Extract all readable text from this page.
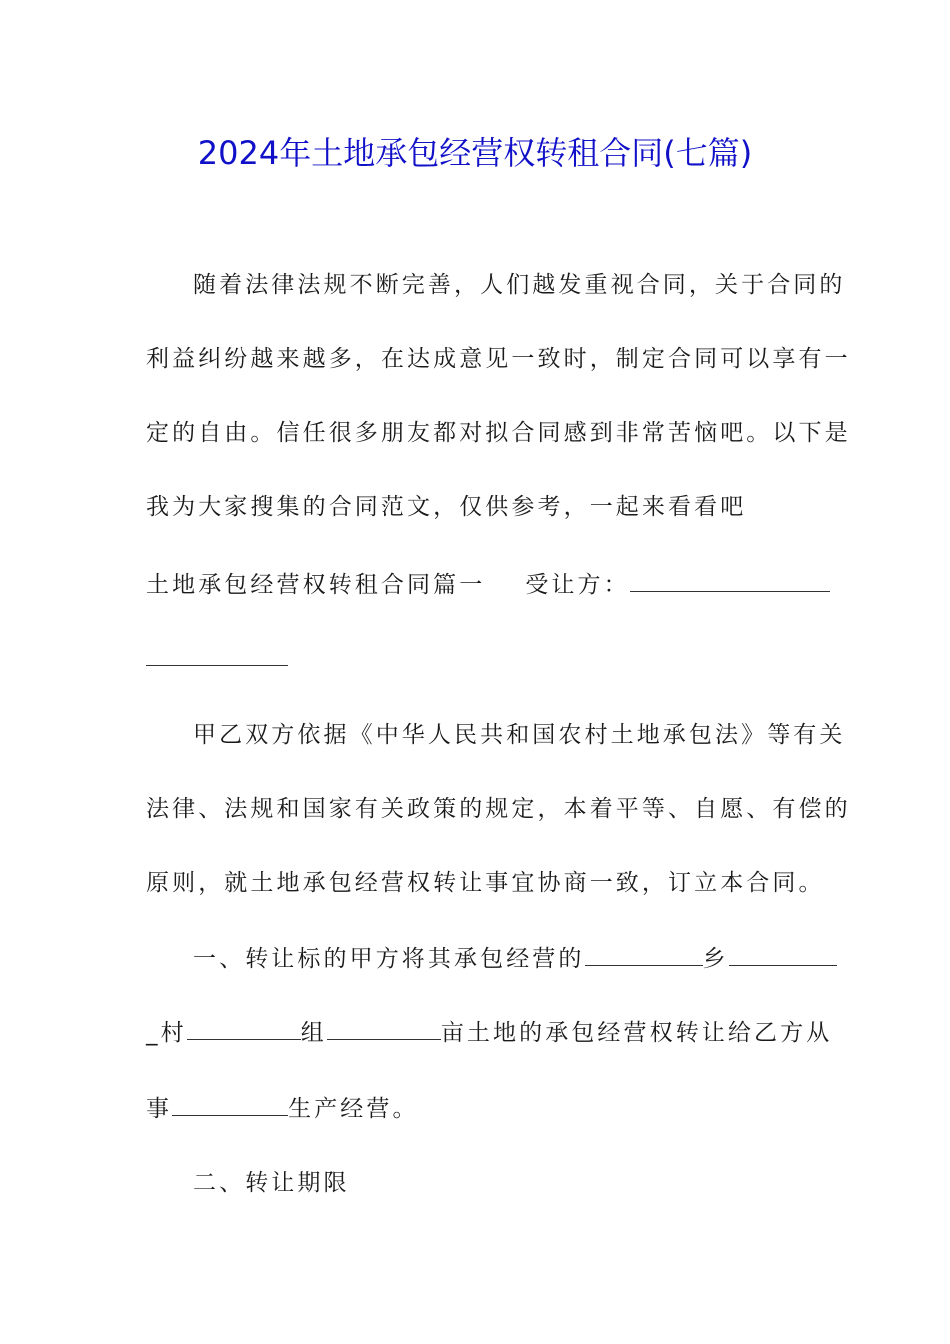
2024年土地承包经营权转租合同(七篇)
随着法律法规不断完善，人们越发重视合同，关于合同的
利益纠纷越来越多，在达成意见一致时，制定合同可以享有一
定的自由。信任很多朋友都对拟合同感到非常苦恼吧。以下是
我为大家搜集的合同范文，仅供参考，一起来看看吧
土地承包经营权转租合同篇一 受让方：
甲乙双方依据《中华人民共和国农村土地承包法》等有关
法律、法规和国家有关政策的规定，本着平等、自愿、有偿的
原则，就土地承包经营权转让事宜协商一致，订立本合同。
一、转让标的甲方将其承包经营的	乡
_村	组	亩土地的承包经营权转让给乙方从
事	生产经营。
二、转让期限
